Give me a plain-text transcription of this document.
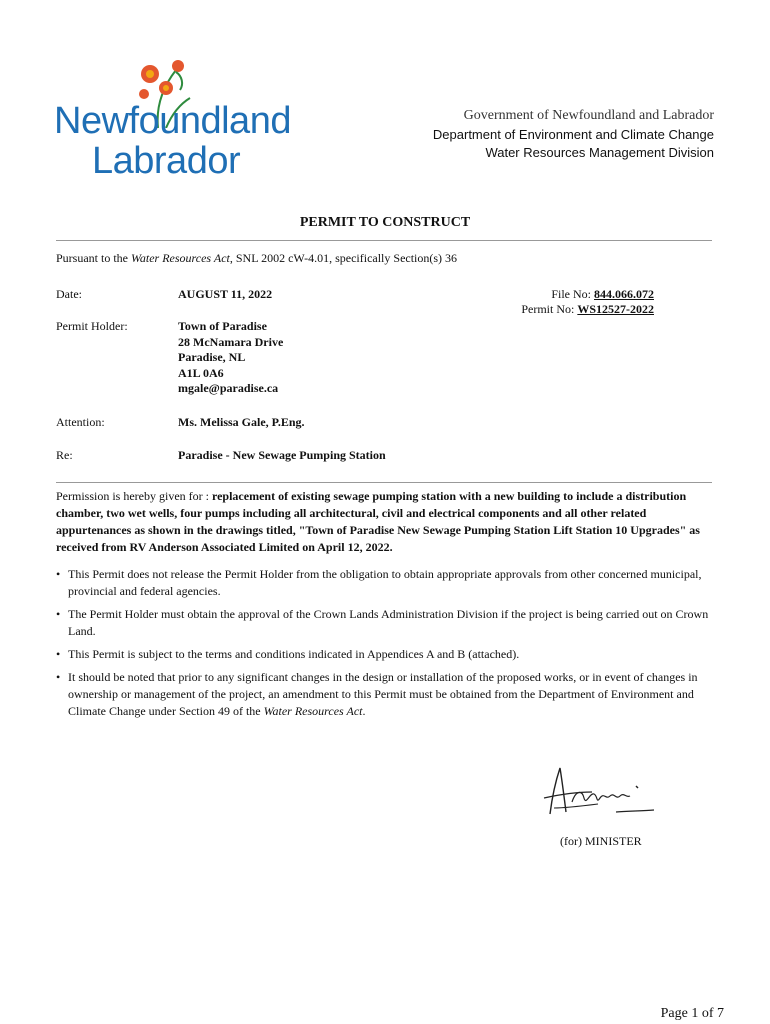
Newfoundland
Labrador
Government of Newfoundland and Labrador
Department of Environment and Climate Change
Water Resources Management Division
PERMIT TO CONSTRUCT
Pursuant to the Water Resources Act, SNL 2002 cW-4.01, specifically Section(s) 36
Date:	AUGUST 11, 2022	File No: 844.066.072
Permit No: WS12527-2022
Permit Holder:	Town of Paradise
28 McNamara Drive
Paradise, NL
A1L 0A6
mgale@paradise.ca
Attention:	Ms. Melissa Gale, P.Eng.
Re:	Paradise - New Sewage Pumping Station
Permission is hereby given for : replacement of existing sewage pumping station with a new building to include a distribution chamber, two wet wells, four pumps including all architectural, civil and electrical components and all other related appurtenances as shown in the drawings titled, "Town of Paradise New Sewage Pumping Station Lift Station 10 Upgrades" as received from RV Anderson Associated Limited on April 12, 2022.
• This Permit does not release the Permit Holder from the obligation to obtain appropriate approvals from other concerned municipal, provincial and federal agencies.
• The Permit Holder must obtain the approval of the Crown Lands Administration Division if the project is being carried out on Crown Land.
• This Permit is subject to the terms and conditions indicated in Appendices A and B (attached).
• It should be noted that prior to any significant changes in the design or installation of the proposed works, or in event of changes in ownership or management of the project, an amendment to this Permit must be obtained from the Department of Environment and Climate Change under Section 49 of the Water Resources Act.
(for) MINISTER
Page 1 of 7
